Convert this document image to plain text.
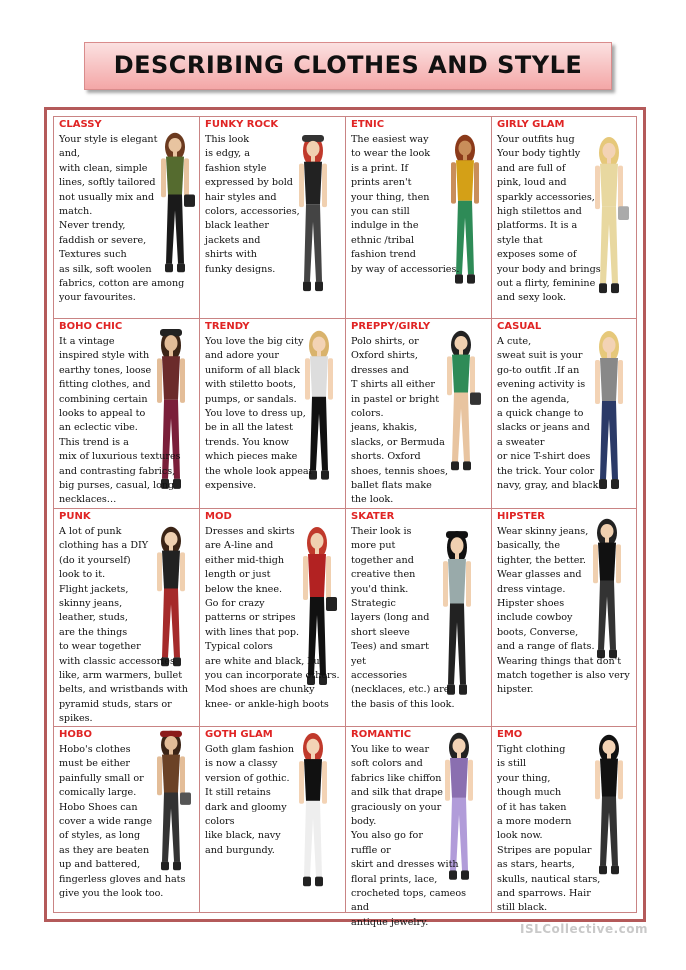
DESCRIBING CLOTHES AND STYLE
CLASSY
Your style is elegant
and,
with clean, simple
lines, softly tailored
not usually mix and
match.
Never trendy,
faddish or severe,
Textures such
as silk, soft woolen
fabrics, cotton are among
your favourites.
FUNKY ROCK
This look
is edgy, a
fashion style
expressed by bold
hair styles and
colors, accessories,
black leather
jackets and
shirts with
funky designs.
ETNIC
The easiest way
to wear the look
is a print. If
prints aren't
your thing, then
you can still
indulge in the
ethnic /tribal
fashion trend
by way of accessories.
GIRLY GLAM
Your outfits hug
Your body tightly
and are full of
pink, loud and
sparkly accessories,
high stilettos and
platforms. It is a
style that
exposes some of
your body and brings
out a flirty, feminine
and sexy look.
BOHO CHIC
It a vintage
inspired style with
earthy tones, loose
fitting clothes, and
combining certain
looks to appeal to
an eclectic vibe.
This trend is a
mix of luxurious textures
and contrasting fabrics,
big purses, casual, long
necklaces…
TRENDY
You love the big city
and adore your
uniform of all black
with stiletto boots,
pumps, or sandals.
You love to dress up,
be in all the latest
trends. You know
which pieces make
the whole look appear
expensive.
PREPPY/GIRLY
Polo shirts, or
Oxford shirts,
dresses and
T shirts all either
in pastel or bright
colors.
jeans, khakis,
slacks, or Bermuda
shorts. Oxford
shoes, tennis shoes,
ballet flats make
the look.
CASUAL
A cute,
sweat suit is your
go-to outfit .If an
evening activity is
on the agenda,
a quick change to
slacks or jeans and
a sweater
or nice T-shirt does
the trick. Your color
navy, gray, and black
PUNK
A lot of punk
clothing has a DIY
(do it yourself)
look to it.
Flight jackets,
skinny jeans,
leather, studs,
are the things
to wear together
with classic accessories
like, arm warmers, bullet
belts, and wristbands with
pyramid studs, stars or
spikes.
MOD
Dresses and skirts
are A-line and
either mid-thigh
length or just
below the knee.
Go for crazy
patterns or stripes
with lines that pop.
Typical colors
are white and black, but
you can incorporate others.
Mod shoes are chunky
knee- or ankle-high boots
SKATER
Their look is
more put
together and
creative then
you'd think.
Strategic
layers (long and
short sleeve
Tees) and smart
yet
accessories
(necklaces, etc.) are
the basis of this look.
HIPSTER
Wear skinny jeans,
basically, the
tighter, the better.
Wear glasses and
dress vintage.
Hipster shoes
include cowboy
boots, Converse,
and a range of flats.
Wearing things that don't
match together is also very
hipster.
HOBO
Hobo's clothes
must be either
painfully small or
comically large.
Hobo Shoes can
cover a wide range
of styles, as long
as they are beaten
up and battered,
fingerless gloves and hats
give you the look too.
GOTH GLAM
Goth glam fashion
is now a classy
version of gothic.
It still retains
dark and gloomy
colors
like black, navy
and burgundy.
ROMANTIC
You like to wear
soft colors and
fabrics like chiffon
and silk that drape
graciously on your
body.
You also go for
ruffle or
skirt and dresses with
floral prints, lace,
crocheted tops, cameos and
antique jewelry.
EMO
Tight clothing
is still
your thing,
though much
of it has taken
a more modern
look now.
Stripes are popular
as stars, hearts,
skulls, nautical stars,
and sparrows. Hair
still black.
ISLCollective.com
